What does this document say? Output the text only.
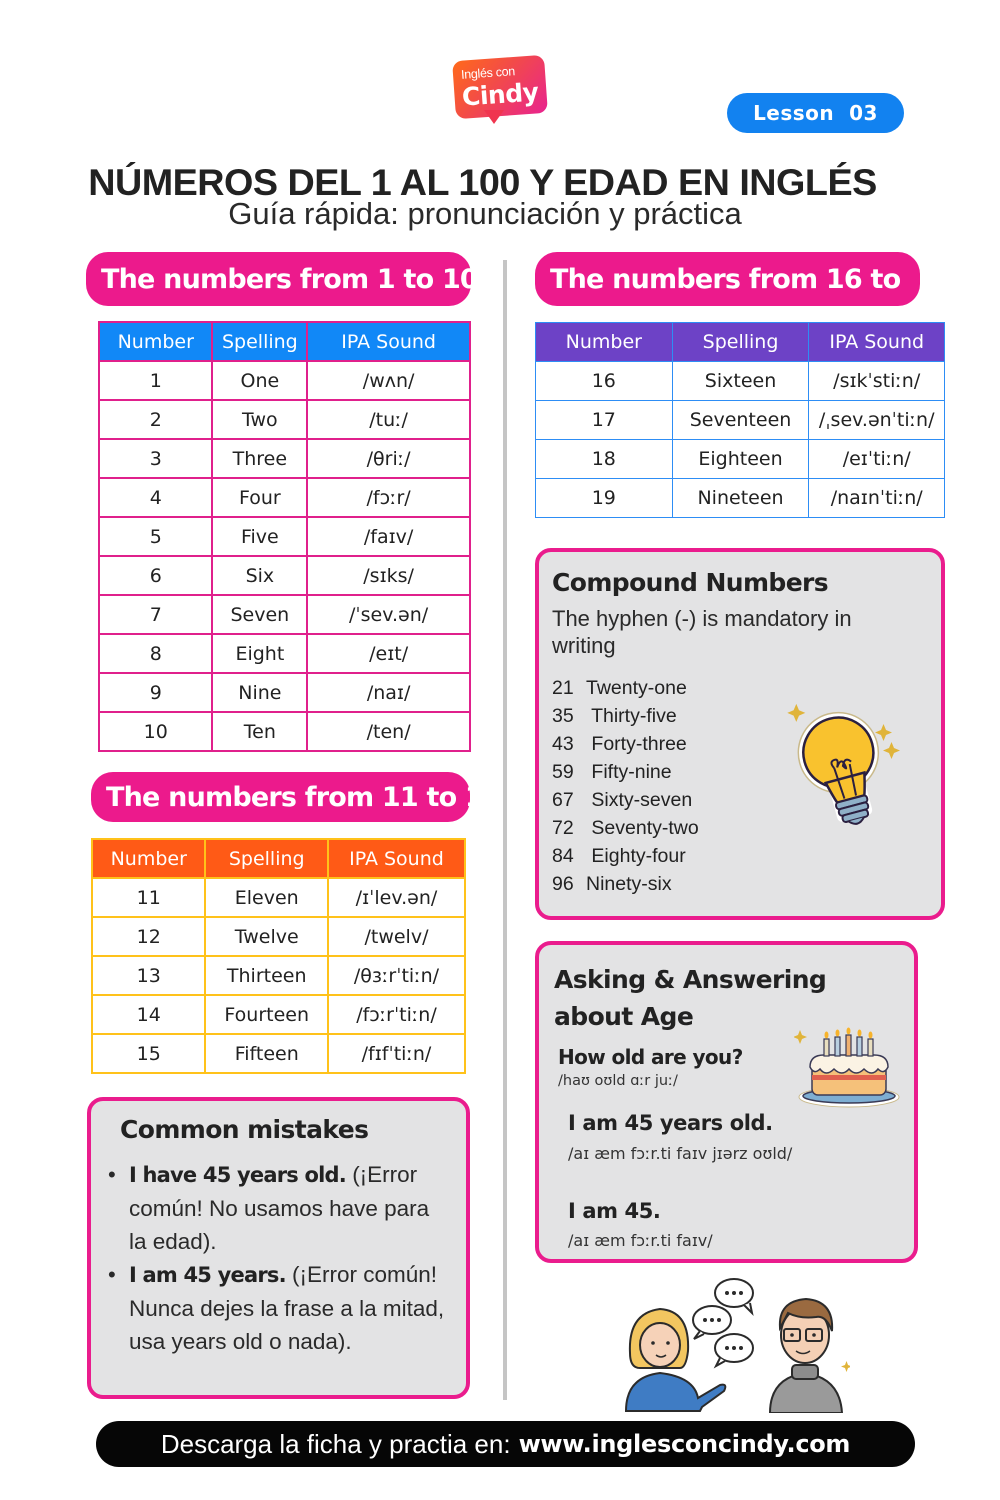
Inglés con
Cindy
Lesson  03
NÚMEROS DEL 1 AL 100 Y EDAD EN INGLÉS
Guía rápida: pronunciación y práctica
The numbers from 1 to 10
Number	Spelling	IPA Sound
1	One	/wʌn/
2	Two	/tuː/
3	Three	/θriː/
4	Four	/fɔːr/
5	Five	/faɪv/
6	Six	/sɪks/
7	Seven	/ˈsev.ən/
8	Eight	/eɪt/
9	Nine	/naɪ/
10	Ten	/ten/
The numbers from 11 to 15
Number	Spelling	IPA Sound
11	Eleven	/ɪˈlev.ən/
12	Twelve	/twelv/
13	Thirteen	/θɜːrˈtiːn/
14	Fourteen	/fɔːrˈtiːn/
15	Fifteen	/fɪfˈtiːn/
The numbers from 16 to  19
Number	Spelling	IPA Sound
16	Sixteen	/sɪkˈstiːn/
17	Seventeen	/ˌsev.ənˈtiːn/
18	Eighteen	/eɪˈtiːn/
19	Nineteen	/naɪnˈtiːn/
Compound Numbers
The hyphen (-) is mandatory in writing
21 Twenty-one
35 Thirty-five
43 Forty-three
59 Fifty-nine
67 Sixty-seven
72 Seventy-two
84 Eighty-four
96 Ninety-six
Asking & Answering about Age
How old are you?
/haʊ oʊld ɑːr juː/
I am 45 years old.
/aɪ æm fɔːr.ti faɪv jɪərz oʊld/
I am 45.
/aɪ æm fɔːr.ti faɪv/
Common mistakes
• I have 45 years old. (¡Error común! No usamos have para la edad).
• I am 45 years. (¡Error común! Nunca dejes la frase a la mitad, usa years old o nada).
Descarga la ficha y practia en: www.inglesconcindy.com
